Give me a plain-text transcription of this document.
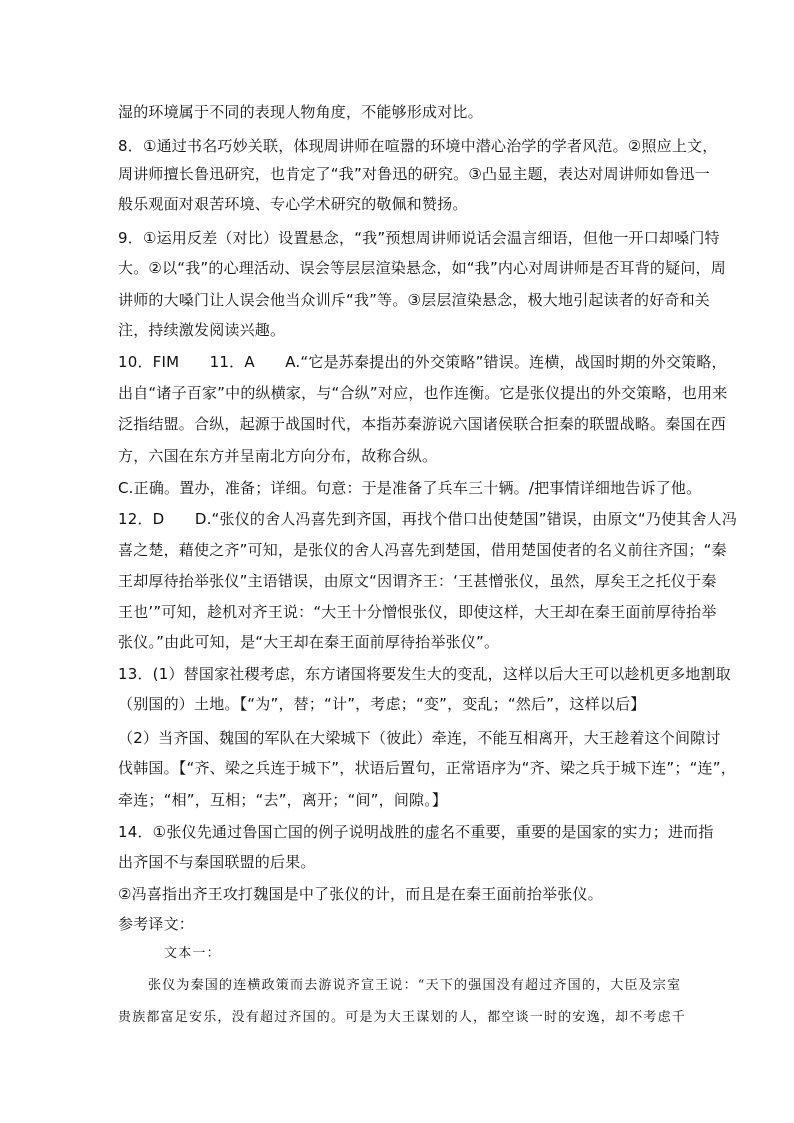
湿的环境属于不同的表现人物角度，不能够形成对比。
8．①通过书名巧妙关联，体现周讲师在喧嚣的环境中潜心治学的学者风范。②照应上文，
周讲师擅长鲁迅研究，也肯定了“我”对鲁迅的研究。③凸显主题，表达对周讲师如鲁迅一
般乐观面对艰苦环境、专心学术研究的敬佩和赞扬。
9．①运用反差（对比）设置悬念，“我”预想周讲师说话会温言细语，但他一开口却嗓门特
大。②以“我”的心理活动、误会等层层渲染悬念，如“我”内心对周讲师是否耳背的疑问，周
讲师的大嗓门让人误会他当众训斥“我”等。③层层渲染悬念，极大地引起读者的好奇和关
注，持续激发阅读兴趣。
10．FIM　　11．A　　A.“它是苏秦提出的外交策略”错误。连横，战国时期的外交策略，
出自“诸子百家”中的纵横家，与“合纵”对应，也作连衡。它是张仪提出的外交策略，也用来
泛指结盟。合纵，起源于战国时代，本指苏秦游说六国诸侯联合拒秦的联盟战略。秦国在西
方，六国在东方并呈南北方向分布，故称合纵。
C.正确。置办，准备；详细。句意：于是准备了兵车三十辆。/把事情详细地告诉了他。
12．D　　D.“张仪的舍人冯喜先到齐国，再找个借口出使楚国”错误，由原文“乃使其舍人冯
喜之楚，藉使之齐”可知，是张仪的舍人冯喜先到楚国，借用楚国使者的名义前往齐国；“秦
王却厚待抬举张仪”主语错误，由原文“因谓齐王：‘王甚憎张仪，虽然，厚矣王之托仪于秦
王也’”可知，趁机对齐王说：“大王十分憎恨张仪，即使这样，大王却在秦王面前厚待抬举
张仪。”由此可知，是“大王却在秦王面前厚待抬举张仪”。
13．(1）替国家社稷考虑，东方诸国将要发生大的变乱，这样以后大王可以趁机更多地割取
（别国的）土地。【“为”，替；“计”，考虑；“变”，变乱；“然后”，这样以后】
（2）当齐国、魏国的军队在大梁城下（彼此）牵连，不能互相离开，大王趁着这个间隙讨
伐韩国。【“齐、梁之兵连于城下”，状语后置句，正常语序为“齐、梁之兵于城下连”；“连”，
牵连；“相”，互相；“去”，离开；“间”，间隙。】
14．①张仪先通过鲁国亡国的例子说明战胜的虚名不重要，重要的是国家的实力；进而指
出齐国不与秦国联盟的后果。
②冯喜指出齐王攻打魏国是中了张仪的计，而且是在秦王面前抬举张仪。
参考译文：
文本一：
张仪为秦国的连横政策而去游说齐宣王说：“天下的强国没有超过齐国的，大臣及宗室
贵族都富足安乐，没有超过齐国的。可是为大王谋划的人，都空谈一时的安逸，却不考虑千
